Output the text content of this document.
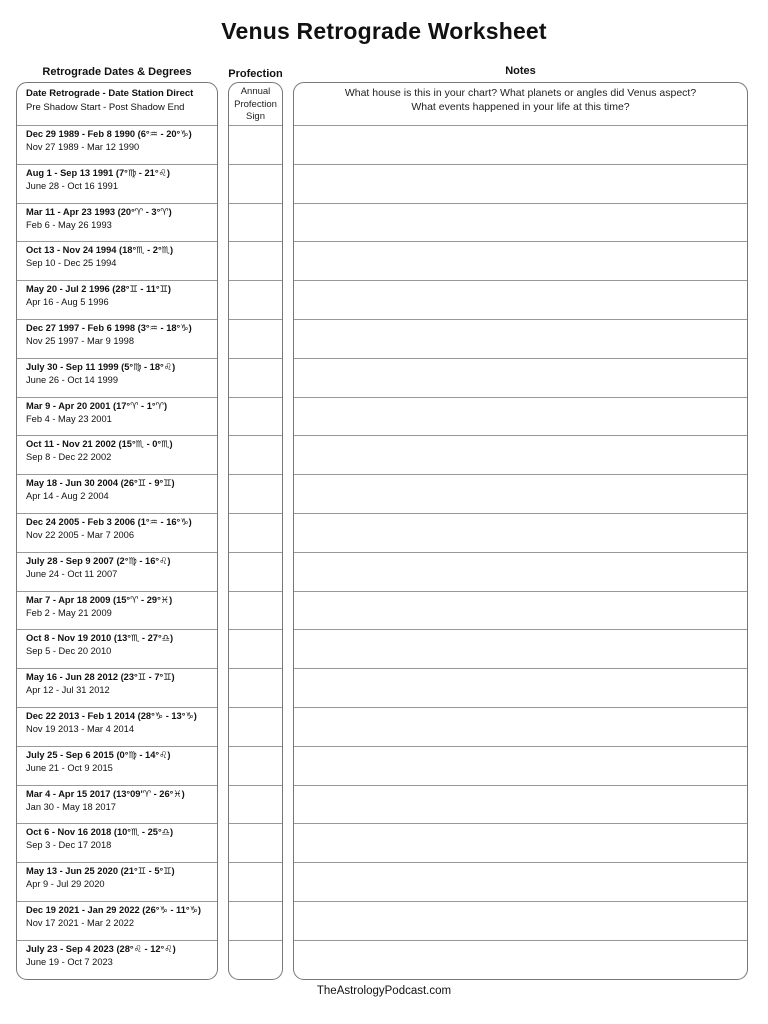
Venus Retrograde Worksheet
Retrograde Dates & Degrees	Profection	Notes
Date Retrograde - Date Station Direct
Pre Shadow Start - Post Shadow End
Dec 29 1989 - Feb 8 1990 (6°♒ - 20°♑)
Nov 27 1989 - Mar 12 1990
Aug 1 - Sep 13 1991 (7°♍ - 21°♌)
June 28 - Oct 16 1991
Mar 11 - Apr 23 1993 (20°♈ - 3°♈)
Feb 6 - May 26 1993
Oct 13 - Nov 24 1994 (18°♏ - 2°♏)
Sep 10 - Dec 25 1994
May 20 - Jul 2 1996 (28°♊ - 11°♊)
Apr 16 - Aug 5 1996
Dec 27 1997 - Feb 6 1998 (3°♒ - 18°♑)
Nov 25 1997 - Mar 9 1998
July 30 - Sep 11 1999 (5°♍ - 18°♌)
June 26 - Oct 14 1999
Mar 9 - Apr 20 2001 (17°♈ - 1°♈)
Feb 4 - May 23 2001
Oct 11 - Nov 21 2002 (15°♏ - 0°♏)
Sep 8 - Dec 22 2002
May 18 - Jun 30 2004 (26°♊ - 9°♊)
Apr 14 - Aug 2 2004
Dec 24 2005 - Feb 3 2006 (1°♒ - 16°♑)
Nov 22 2005 - Mar 7 2006
July 28 - Sep 9 2007 (2°♍ - 16°♌)
June 24 - Oct 11 2007
Mar 7 - Apr 18 2009 (15°♈ - 29°♓)
Feb 2 - May 21 2009
Oct 8 - Nov 19 2010 (13°♏ - 27°♎)
Sep 5 - Dec 20 2010
May 16 - Jun 28 2012 (23°♊ - 7°♊)
Apr 12 - Jul 31 2012
Dec 22 2013 - Feb 1 2014 (28°♑ - 13°♑)
Nov 19 2013 - Mar 4 2014
July 25 - Sep 6 2015 (0°♍ - 14°♌)
June 21 - Oct 9 2015
Mar 4 - Apr 15 2017 (13°09'♈ - 26°♓)
Jan 30 - May 18 2017
Oct 6 - Nov 16 2018 (10°♏ - 25°♎)
Sep 3 - Dec 17 2018
May 13 - Jun 25 2020 (21°♊ - 5°♊)
Apr 9 - Jul 29 2020
Dec 19 2021 - Jan 29 2022 (26°♑ - 11°♑)
Nov 17 2021 - Mar 2 2022
July 23 - Sep 4 2023 (28°♌ - 12°♌)
June 19 - Oct 7 2023
Annual
Profection
Sign
What house is this in your chart? What planets or angles did Venus aspect?
What events happened in your life at this time?
TheAstrologyPodcast.com
